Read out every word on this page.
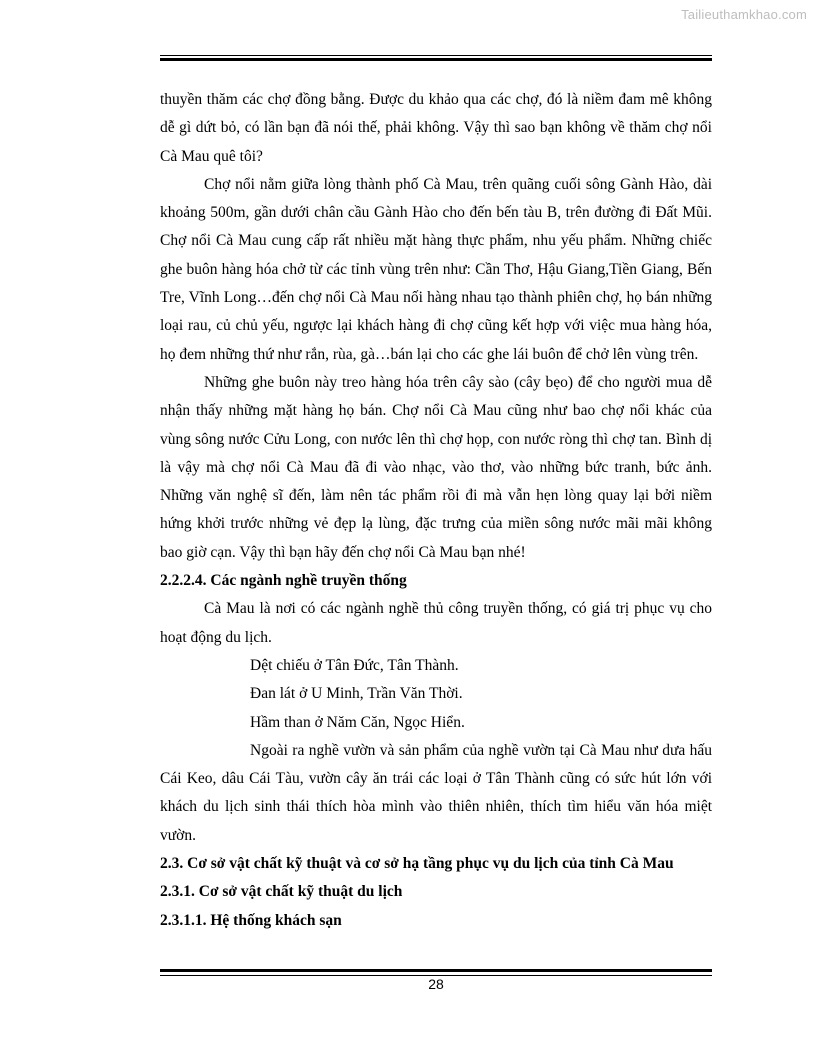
Tailieuthamkhao.com

thuyền thăm các chợ đồng bằng. Được du khảo qua các chợ, đó là niềm đam mê không dễ gì dứt bỏ, có lần bạn đã nói thế, phải không. Vậy thì sao bạn không về thăm chợ nổi Cà Mau quê tôi?

Chợ nổi nằm giữa lòng thành phố Cà Mau, trên quãng cuối sông Gành Hào, dài khoảng 500m, gần dưới chân cầu Gành Hào cho đến bến tàu B, trên đường đi Đất Mũi. Chợ nổi Cà Mau cung cấp rất nhiều mặt hàng thực phẩm, nhu yếu phẩm. Những chiếc ghe buôn hàng hóa chở từ các tỉnh vùng trên như: Cần Thơ, Hậu Giang,Tiền Giang, Bến Tre, Vĩnh Long…đến chợ nổi Cà Mau nối hàng nhau tạo thành phiên chợ, họ bán những loại rau, củ chủ yếu, ngược lại khách hàng đi chợ cũng kết hợp với việc mua hàng hóa, họ đem những thứ như rắn, rùa, gà…bán lại cho các ghe lái buôn để chở lên vùng trên.

Những ghe buôn này treo hàng hóa trên cây sào (cây bẹo) để cho người mua dễ nhận thấy những mặt hàng họ bán. Chợ nổi Cà Mau cũng như bao chợ nổi khác của vùng sông nước Cửu Long, con nước lên thì chợ họp, con nước ròng thì chợ tan. Bình dị là vậy mà chợ nổi Cà Mau đã đi vào nhạc, vào thơ, vào những bức tranh, bức ảnh. Những văn nghệ sĩ đến, làm nên tác phẩm rồi đi mà vẫn hẹn lòng quay lại bởi niềm hứng khởi trước những vẻ đẹp lạ lùng, đặc trưng của miền sông nước mãi mãi không bao giờ cạn. Vậy thì bạn hãy đến chợ nổi Cà Mau bạn nhé!

2.2.2.4. Các ngành nghề truyền thống

Cà Mau là nơi có các ngành nghề thủ công truyền thống, có giá trị phục vụ cho hoạt động du lịch.

Dệt chiếu ở Tân Đức, Tân Thành.

Đan lát ở U Minh, Trần Văn Thời.

Hầm than ở Năm Căn, Ngọc Hiển.

Ngoài ra nghề vườn và sản phẩm của nghề vườn tại Cà Mau như dưa hấu Cái Keo, dâu Cái Tàu, vườn cây ăn trái các loại ở Tân Thành cũng có sức hút lớn với khách du lịch sinh thái thích hòa mình vào thiên nhiên, thích tìm hiểu văn hóa miệt vườn.

2.3. Cơ sở vật chất kỹ thuật và cơ sở hạ tầng phục vụ du lịch của tỉnh Cà Mau

2.3.1. Cơ sở vật chất kỹ thuật du lịch

2.3.1.1. Hệ thống khách sạn

28
